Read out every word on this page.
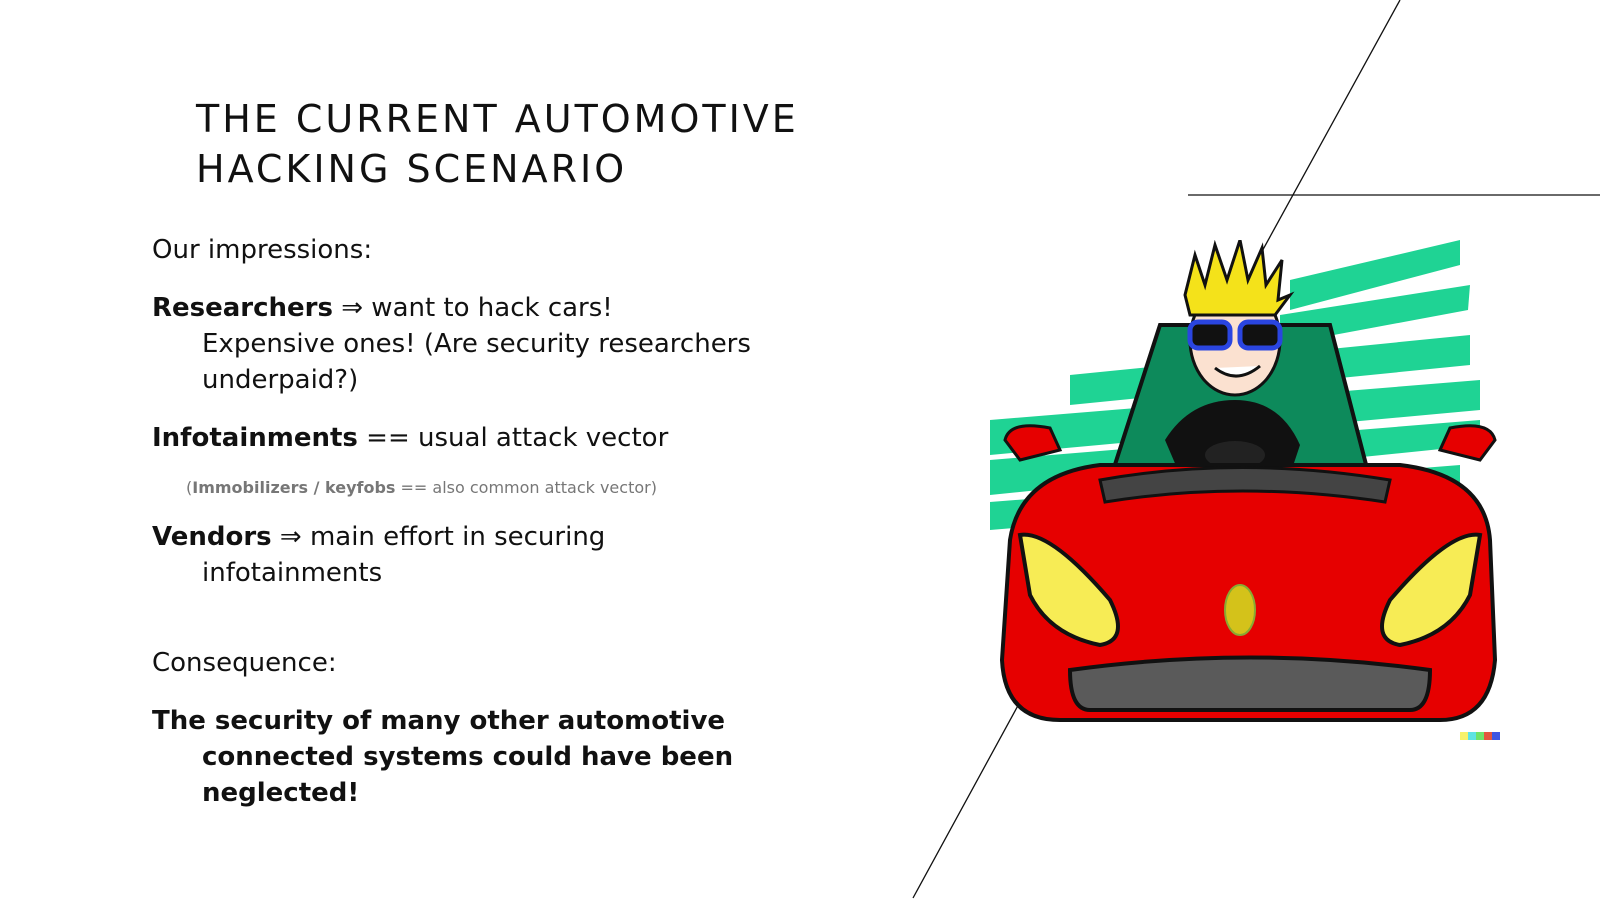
THE CURRENT AUTOMOTIVE
HACKING SCENARIO

Our impressions:

Researchers ⇒ want to hack cars! Expensive ones! (Are security researchers underpaid?)

Infotainments == usual attack vector

(Immobilizers / keyfobs == also common attack vector)

Vendors ⇒ main effort in securing infotainments

Consequence:

The security of many other automotive connected systems could have been neglected!
